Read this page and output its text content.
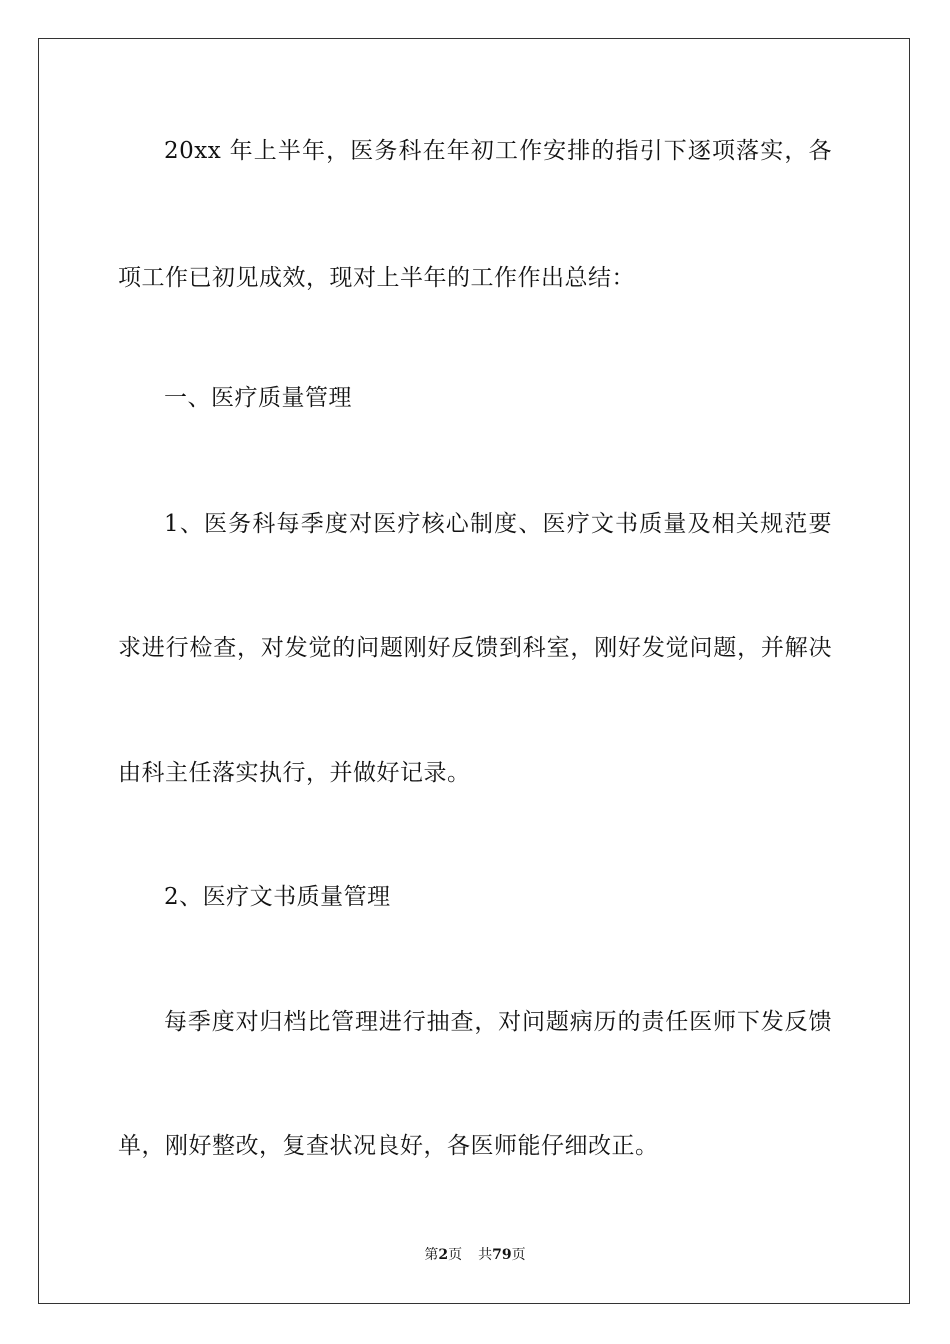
20xx 年上半年，医务科在年初工作安排的指引下逐项落实，各
项工作已初见成效，现对上半年的工作作出总结：
一、医疗质量管理
1、医务科每季度对医疗核心制度、医疗文书质量及相关规范要
求进行检查，对发觉的问题刚好反馈到科室，刚好发觉问题，并解决
由科主任落实执行，并做好记录。
2、医疗文书质量管理
每季度对归档比管理进行抽查，对问题病历的责任医师下发反馈
单，刚好整改，复查状况良好，各医师能仔细改正。
第2页 共79页
